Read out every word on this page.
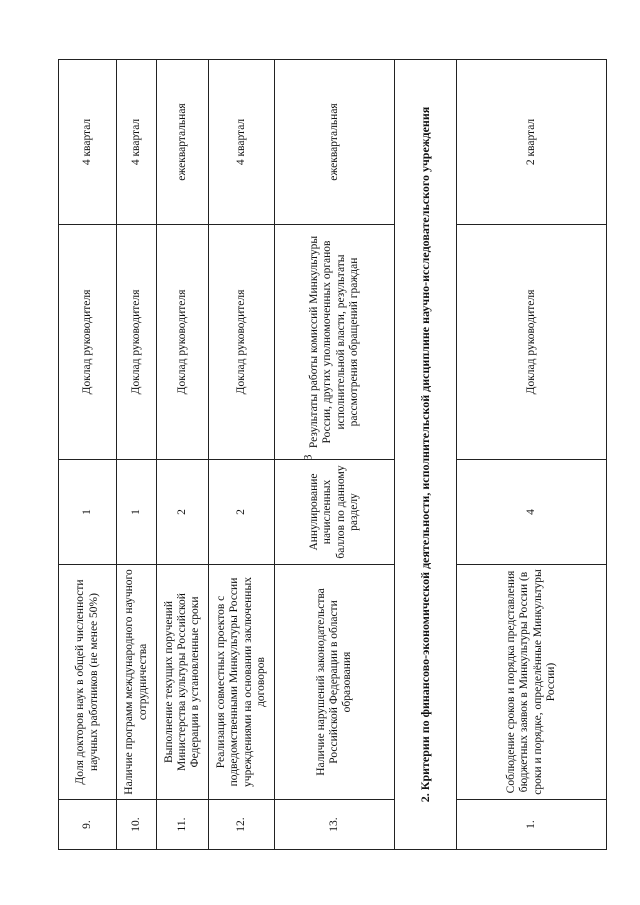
3
9.	Доля докторов наук в общей численности научных работников (не менее 50%)	1	Доклад руководителя	4 квартал
10.	Наличие программ международного научного сотрудничества	1	Доклад руководителя	4 квартал
11.	Выполнение текущих поручений Министерства культуры Российской Федерации в установленные сроки	2	Доклад руководителя	ежеквартальная
12.	Реализация совместных проектов с подведомственными Минкультуры России учреждениями на основании заключенных договоров	2	Доклад руководителя	4 квартал
13.	Наличие нарушений законодательства Российской Федерации в области образования	Аннулирование начисленных баллов по данному разделу	Результаты работы комиссий Минкультуры России, других уполномоченных органов исполнительной власти, результаты рассмотрения обращений граждан	ежеквартальная
2. Критерии по финансово-экономической деятельности, исполнительской дисциплине научно-исследовательского учреждения				
1.	Соблюдение сроков и порядка представления бюджетных заявок в Минкультуры России (в сроки и порядке, определённые Минкультуры России)	4	Доклад руководителя	2 квартал
